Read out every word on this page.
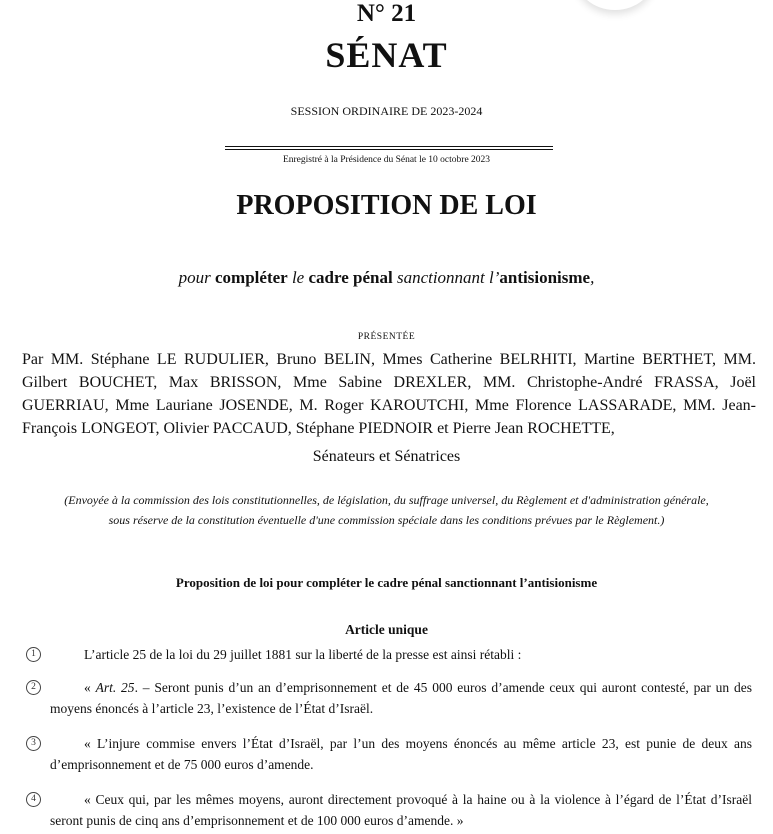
N° 21
SÉNAT
SESSION ORDINAIRE DE 2023-2024
Enregistré à la Présidence du Sénat le 10 octobre 2023
PROPOSITION DE LOI
pour compléter le cadre pénal sanctionnant l’antisionisme,
PRÉSENTÉE
Par MM. Stéphane LE RUDULIER, Bruno BELIN, Mmes Catherine BELRHITI, Martine BERTHET, MM. Gilbert BOUCHET, Max BRISSON, Mme Sabine DREXLER, MM. Christophe-André FRASSA, Joël GUERRIAU, Mme Lauriane JOSENDE, M. Roger KAROUTCHI, Mme Florence LASSARADE, MM. Jean-François LONGEOT, Olivier PACCAUD, Stéphane PIEDNOIR et Pierre Jean ROCHETTE,
Sénateurs et Sénatrices
(Envoyée à la commission des lois constitutionnelles, de législation, du suffrage universel, du Règlement et d'administration générale,
sous réserve de la constitution éventuelle d'une commission spéciale dans les conditions prévues par le Règlement.)
Proposition de loi pour compléter le cadre pénal sanctionnant l’antisionisme
Article unique
1	L’article 25 de la loi du 29 juillet 1881 sur la liberté de la presse est ainsi rétabli :
2	« Art. 25. – Seront punis d’un an d’emprisonnement et de 45 000 euros d’amende ceux qui auront contesté, par un des moyens énoncés à l’article 23, l’existence de l’État d’Israël.
3	« L’injure commise envers l’État d’Israël, par l’un des moyens énoncés au même article 23, est punie de deux ans d’emprisonnement et de 75 000 euros d’amende.
4	« Ceux qui, par les mêmes moyens, auront directement provoqué à la haine ou à la violence à l’égard de l’État d’Israël seront punis de cinq ans d’emprisonnement et de 100 000 euros d’amende. »
